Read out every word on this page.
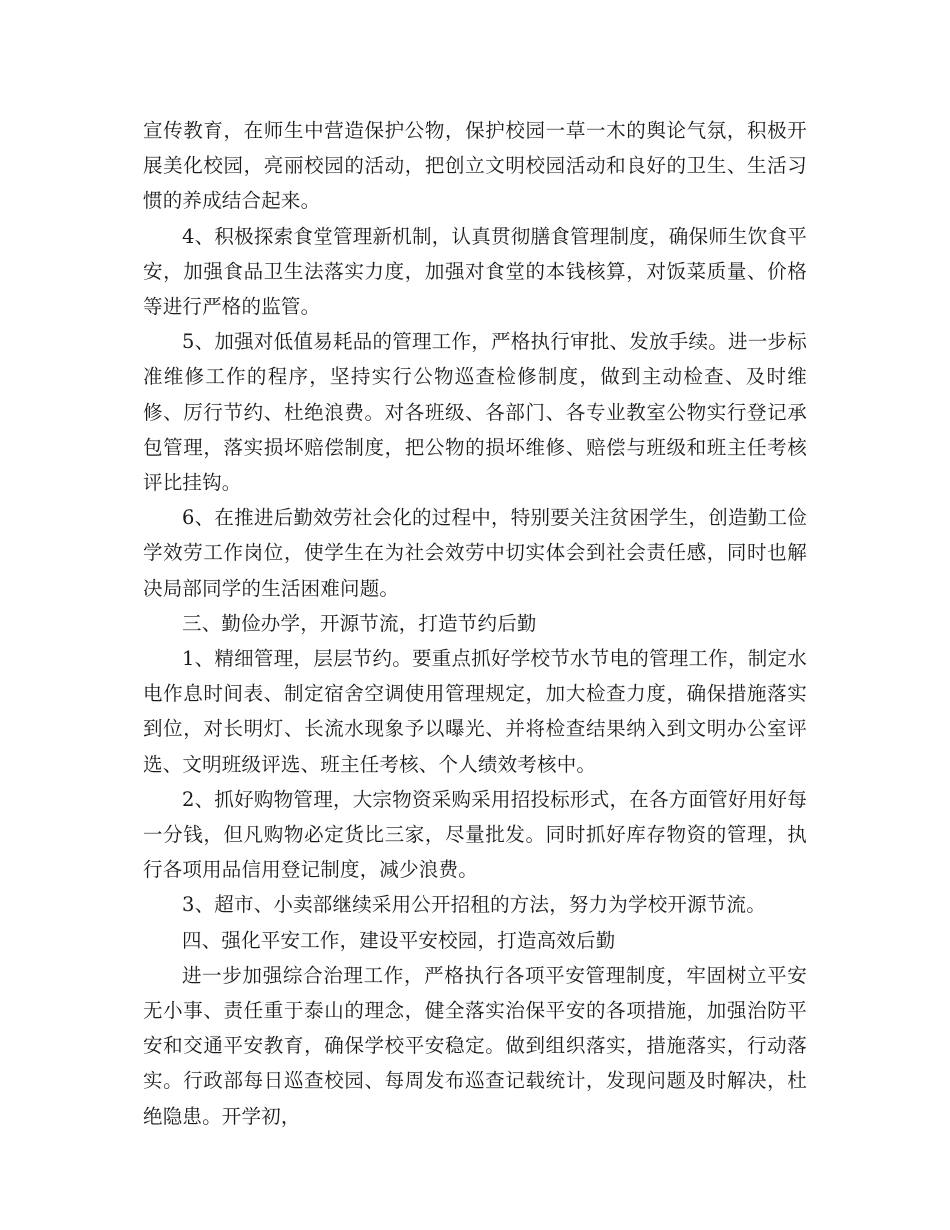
宣传教育，在师生中营造保护公物，保护校园一草一木的舆论气氛，积极开展美化校园，亮丽校园的活动，把创立文明校园活动和良好的卫生、生活习惯的养成结合起来。

4、积极探索食堂管理新机制，认真贯彻膳食管理制度，确保师生饮食平安，加强食品卫生法落实力度，加强对食堂的本钱核算，对饭菜质量、价格等进行严格的监管。

5、加强对低值易耗品的管理工作，严格执行审批、发放手续。进一步标准维修工作的程序，坚持实行公物巡查检修制度，做到主动检查、及时维修、厉行节约、杜绝浪费。对各班级、各部门、各专业教室公物实行登记承包管理，落实损坏赔偿制度，把公物的损坏维修、赔偿与班级和班主任考核评比挂钩。

6、在推进后勤效劳社会化的过程中，特别要关注贫困学生，创造勤工俭学效劳工作岗位，使学生在为社会效劳中切实体会到社会责任感，同时也解决局部同学的生活困难问题。

三、勤俭办学，开源节流，打造节约后勤

1、精细管理，层层节约。要重点抓好学校节水节电的管理工作，制定水电作息时间表、制定宿舍空调使用管理规定，加大检查力度，确保措施落实到位，对长明灯、长流水现象予以曝光、并将检查结果纳入到文明办公室评选、文明班级评选、班主任考核、个人绩效考核中。

2、抓好购物管理，大宗物资采购采用招投标形式，在各方面管好用好每一分钱，但凡购物必定货比三家，尽量批发。同时抓好库存物资的管理，执行各项用品信用登记制度，减少浪费。

3、超市、小卖部继续采用公开招租的方法，努力为学校开源节流。

四、强化平安工作，建设平安校园，打造高效后勤

进一步加强综合治理工作，严格执行各项平安管理制度，牢固树立平安无小事、责任重于泰山的理念，健全落实治保平安的各项措施，加强治防平安和交通平安教育，确保学校平安稳定。做到组织落实，措施落实，行动落实。行政部每日巡查校园、每周发布巡查记载统计，发现问题及时解决，杜绝隐患。开学初，
